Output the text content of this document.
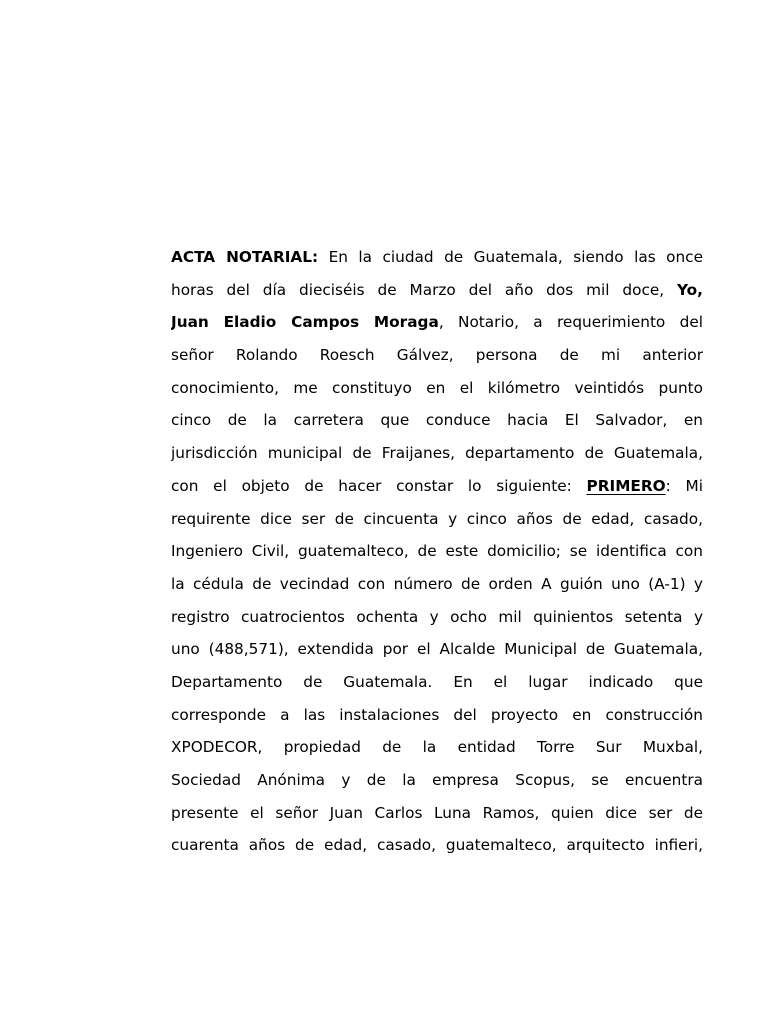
ACTA NOTARIAL: En la ciudad de Guatemala, siendo las once
horas del día dieciséis de Marzo del año dos mil doce, Yo,
Juan Eladio Campos Moraga, Notario, a requerimiento del
señor Rolando Roesch Gálvez, persona de mi anterior
conocimiento, me constituyo en el kilómetro veintidós punto
cinco de la carretera que conduce hacia El Salvador, en
jurisdicción municipal de Fraijanes, departamento de Guatemala,
con el objeto de hacer constar lo siguiente: PRIMERO: Mi
requirente dice ser de cincuenta y cinco años de edad, casado,
Ingeniero Civil, guatemalteco, de este domicilio; se identifica con
la cédula de vecindad con número de orden A guión uno (A-1) y
registro cuatrocientos ochenta y ocho mil quinientos setenta y
uno (488,571), extendida por el Alcalde Municipal de Guatemala,
Departamento de Guatemala. En el lugar indicado que
corresponde a las instalaciones del proyecto en construcción
XPODECOR, propiedad de la entidad Torre Sur Muxbal,
Sociedad Anónima y de la empresa Scopus, se encuentra
presente el señor Juan Carlos Luna Ramos, quien dice ser de
cuarenta años de edad, casado, guatemalteco, arquitecto infieri,
